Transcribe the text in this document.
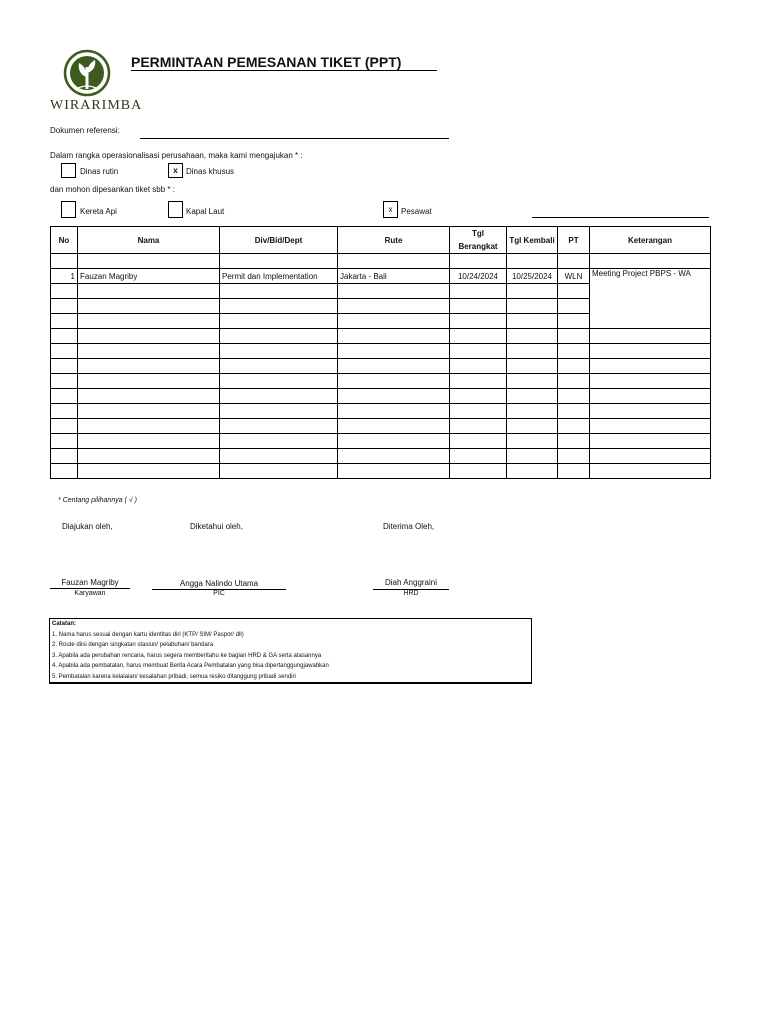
WIRARIMBA
PERMINTAAN PEMESANAN TIKET (PPT)
Dokumen referensi:
Dalam rangka operasionalisasi perusahaan, maka kami mengajukan * :
Dinas rutin	x	Dinas khusus
dan mohon dipesankan tiket sbb * :
Kereta Api	Kapal Laut	x	Pesawat
No	Nama	Div/Bid/Dept	Rute	Tgl Berangkat	Tgl Kembali	PT	Keterangan

1	Fauzan Magriby	Permit dan Implementation	Jakarta - Bali	10/24/2024	10/25/2024	WLN	Meeting Project PBPS - WA

* Centang pilihannya ( √ )
Diajukan oleh,	Diketahui oleh,	Diterima Oleh,
Fauzan Magriby
Karyawan
Angga Nalindo Utama
PIC
Diah Anggraini
HRD
Catatan:
1. Nama harus sesuai dengan kartu identitas diri (KTP/ SIM/ Paspor/ dll)
2. Route diisi dengan singkatan stasiun/ pelabuhan/ bandara
3. Apabila ada perubahan rencana, harus segera memberitahu ke bagian HRD & GA serta atasannya
4. Apabila ada pembatalan, harus membuat Berita Acara Pembatalan yang bisa dipertanggungjawabkan
5. Pembatalan karena kelalaian/ kesalahan pribadi, semua resiko ditanggung pribadi sendiri
